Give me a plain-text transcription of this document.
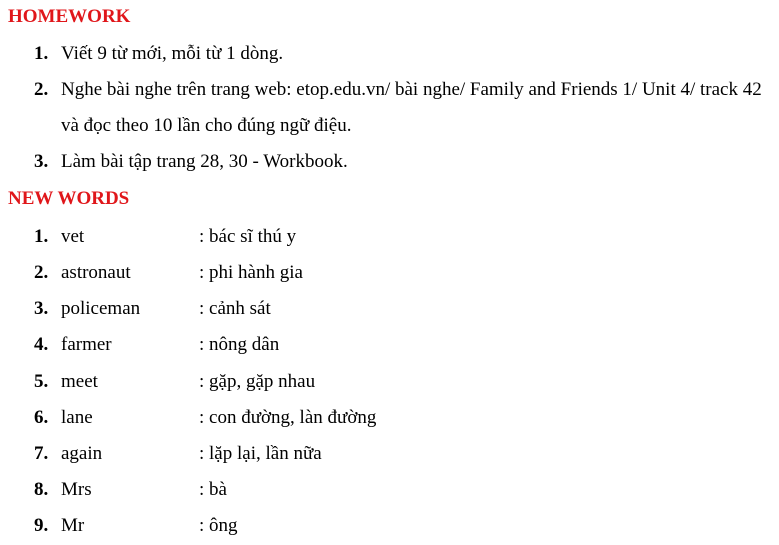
HOMEWORK
1. Viết 9 từ mới, mỗi từ 1 dòng.
2. Nghe bài nghe trên trang web: etop.edu.vn/ bài nghe/ Family and Friends 1/ Unit 4/ track 42 và đọc theo 10 lần cho đúng ngữ điệu.
3. Làm bài tập trang 28, 30 - Workbook.
NEW WORDS
1. vet	: bác sĩ thú y
2. astronaut	: phi hành gia
3. policeman	: cảnh sát
4. farmer	: nông dân
5. meet	: gặp, gặp nhau
6. lane	: con đường, làn đường
7. again	: lặp lại, lần nữa
8. Mrs	: bà
9. Mr	: ông
